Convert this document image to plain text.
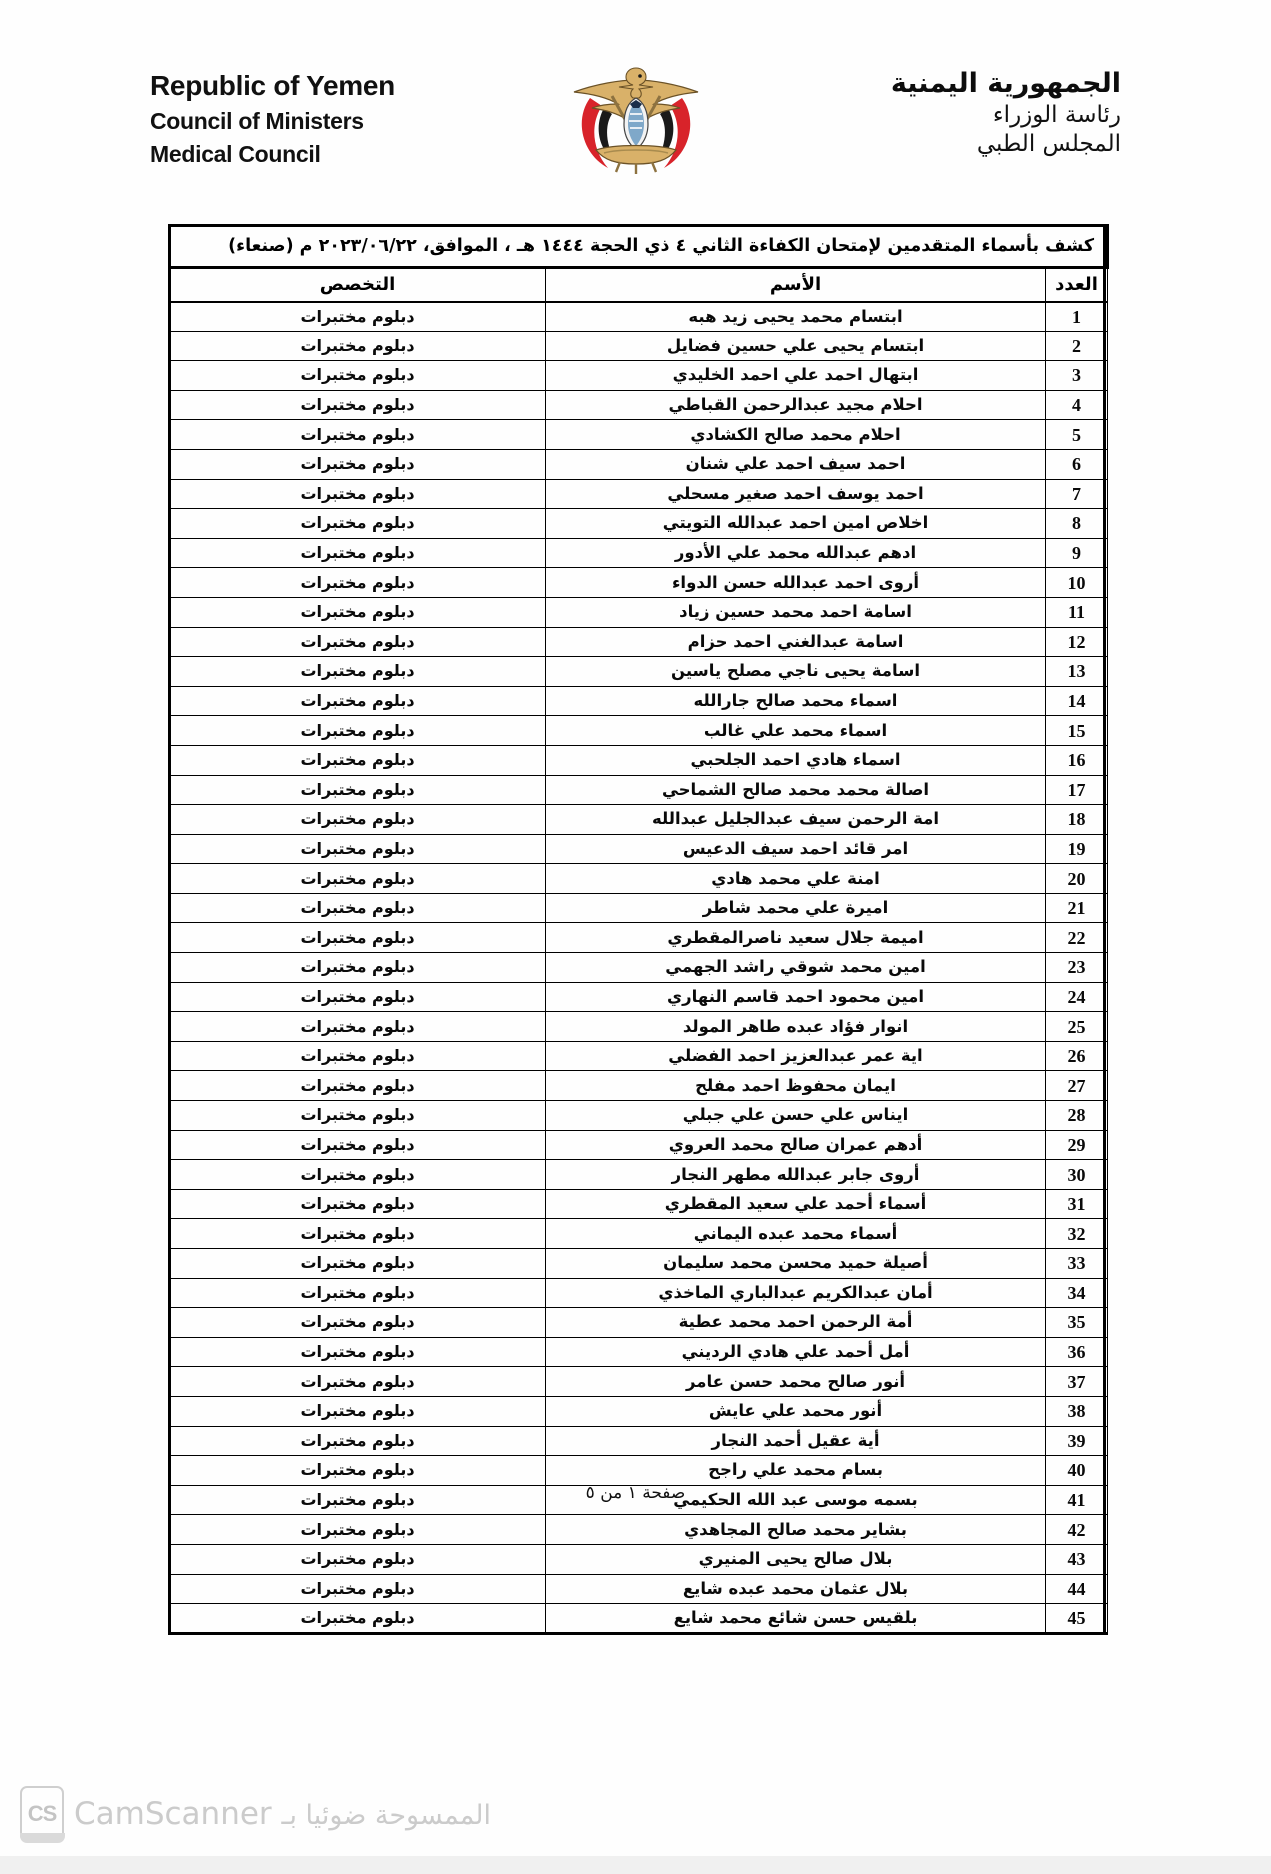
Republic of Yemen
Council of Ministers
Medical Council
الجمهورية اليمنية
رئاسة الوزراء
المجلس الطبي
كشف بأسماء المتقدمين لإمتحان الكفاءة الثاني ٤ ذي الحجة ١٤٤٤ هـ ، الموافق، ٢٠٢٣/٠٦/٢٢ م (صنعاء)		
العدد	الأسم	التخصص
1	ابتسام محمد يحيى زيد هبه	دبلوم مختبرات
2	ابتسام يحيى علي حسين فضايل	دبلوم مختبرات
3	ابتهال احمد علي احمد الخليدي	دبلوم مختبرات
4	احلام مجيد عبدالرحمن القباطي	دبلوم مختبرات
5	احلام محمد صالح الكشادي	دبلوم مختبرات
6	احمد سيف احمد علي شنان	دبلوم مختبرات
7	احمد يوسف احمد صغير مسحلي	دبلوم مختبرات
8	اخلاص امين احمد عبدالله التويتي	دبلوم مختبرات
9	ادهم عبدالله محمد علي الأدور	دبلوم مختبرات
10	أروى احمد عبدالله حسن الدواء	دبلوم مختبرات
11	اسامة احمد محمد حسين زياد	دبلوم مختبرات
12	اسامة عبدالغني احمد حزام	دبلوم مختبرات
13	اسامة يحيى ناجي مصلح ياسين	دبلوم مختبرات
14	اسماء محمد صالح جارالله	دبلوم مختبرات
15	اسماء محمد علي غالب	دبلوم مختبرات
16	اسماء هادي احمد الجلحبي	دبلوم مختبرات
17	اصالة محمد محمد صالح الشماحي	دبلوم مختبرات
18	امة الرحمن سيف عبدالجليل عبدالله	دبلوم مختبرات
19	امر قائد احمد سيف الدعيس	دبلوم مختبرات
20	امنة علي محمد هادي	دبلوم مختبرات
21	اميرة علي محمد شاطر	دبلوم مختبرات
22	اميمة جلال سعيد ناصرالمقطري	دبلوم مختبرات
23	امين محمد شوقي راشد الجهمي	دبلوم مختبرات
24	امين محمود احمد قاسم النهاري	دبلوم مختبرات
25	انوار فؤاد عبده طاهر المولد	دبلوم مختبرات
26	اية عمر عبدالعزيز احمد الفضلي	دبلوم مختبرات
27	ايمان محفوظ احمد مفلح	دبلوم مختبرات
28	ايناس علي حسن علي جبلي	دبلوم مختبرات
29	أدهم عمران صالح محمد العروي	دبلوم مختبرات
30	أروى جابر عبدالله مطهر النجار	دبلوم مختبرات
31	أسماء أحمد علي سعيد المقطري	دبلوم مختبرات
32	أسماء محمد عبده اليماني	دبلوم مختبرات
33	أصيلة حميد محسن محمد سليمان	دبلوم مختبرات
34	أمان عبدالكريم عبدالباري الماخذي	دبلوم مختبرات
35	أمة الرحمن احمد محمد عطية	دبلوم مختبرات
36	أمل أحمد علي هادي الرديني	دبلوم مختبرات
37	أنور صالح محمد حسن عامر	دبلوم مختبرات
38	أنور محمد علي عايش	دبلوم مختبرات
39	أية عقيل أحمد النجار	دبلوم مختبرات
40	بسام محمد علي راجح	دبلوم مختبرات
41	بسمه موسى عبد الله الحكيمي	دبلوم مختبرات
42	بشاير محمد صالح المجاهدي	دبلوم مختبرات
43	بلال صالح يحيى المنيري	دبلوم مختبرات
44	بلال عثمان محمد عبده شايع	دبلوم مختبرات
45	بلقيس حسن شائع محمد شايع	دبلوم مختبرات
صفحة ١ من ٥
CS CamScanner الممسوحة ضوئيا بـ
